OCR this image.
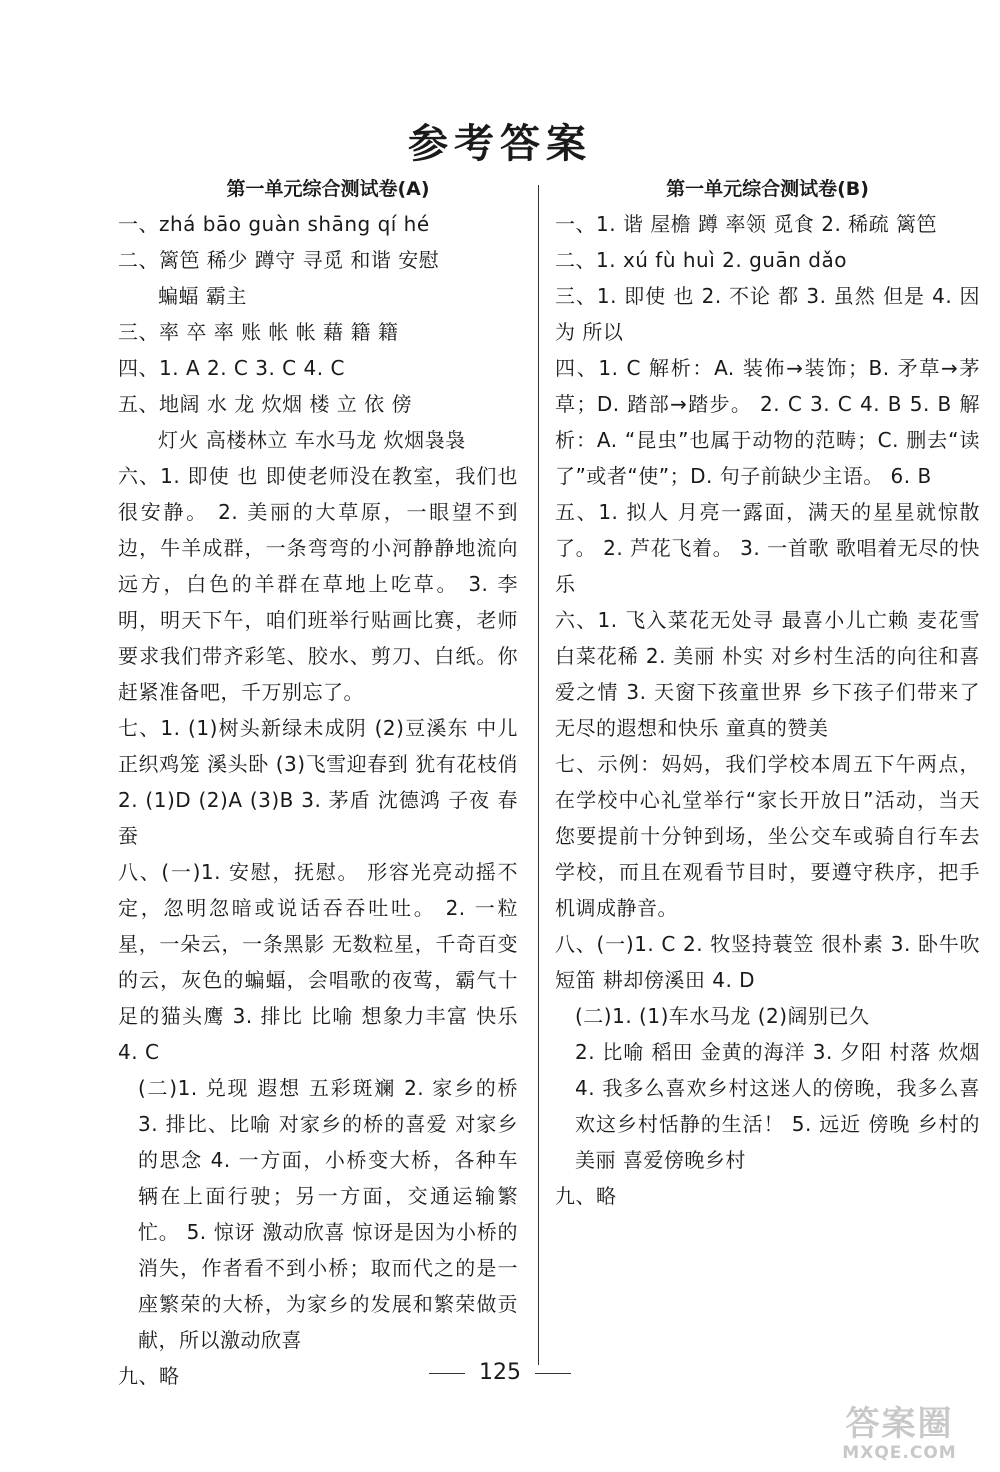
参考答案
第一单元综合测试卷(A)
一、zhá bāo guàn shāng qí hé
二、篱笆 稀少 蹲守 寻觅 和谐 安慰
蝙蝠 霸主
三、率 卒 率 账 帐 帐 藉 籍 籍
四、1. A 2. C 3. C 4. C
五、地阔 水 龙 炊烟 楼 立 依 傍
灯火 高楼林立 车水马龙 炊烟袅袅
六、1. 即使 也 即使老师没在教室，我们也很安静。 2. 美丽的大草原，一眼望不到边，牛羊成群，一条弯弯的小河静静地流向远方，白色的羊群在草地上吃草。 3. 李明，明天下午，咱们班举行贴画比赛，老师要求我们带齐彩笔、胶水、剪刀、白纸。你赶紧准备吧，千万别忘了。
七、1. (1)树头新绿未成阴 (2)豆溪东 中儿正织鸡笼 溪头卧 (3)飞雪迎春到 犹有花枝俏 2. (1)D (2)A (3)B 3. 茅盾 沈德鸿 子夜 春蚕
八、(一)1. 安慰，抚慰。 形容光亮动摇不定，忽明忽暗或说话吞吞吐吐。 2. 一粒星，一朵云，一条黑影 无数粒星，千奇百变的云，灰色的蝙蝠，会唱歌的夜莺，霸气十足的猫头鹰 3. 排比 比喻 想象力丰富 快乐 4. C
(二)1. 兑现 遐想 五彩斑斓 2. 家乡的桥 3. 排比、比喻 对家乡的桥的喜爱 对家乡的思念 4. 一方面，小桥变大桥，各种车辆在上面行驶；另一方面，交通运输繁忙。 5. 惊讶 激动欣喜 惊讶是因为小桥的消失，作者看不到小桥；取而代之的是一座繁荣的大桥，为家乡的发展和繁荣做贡献，所以激动欣喜
九、略
第一单元综合测试卷(B)
一、1. 谐 屋檐 蹲 率领 觅食 2. 稀疏 篱笆
二、1. xú fù huì 2. guān dǎo
三、1. 即使 也 2. 不论 都 3. 虽然 但是 4. 因为 所以
四、1. C 解析：A. 装佈→装饰；B. 矛草→茅草；D. 踏部→踏步。 2. C 3. C 4. B 5. B 解析：A. “昆虫”也属于动物的范畴；C. 删去“读了”或者“使”；D. 句子前缺少主语。 6. B
五、1. 拟人 月亮一露面，满天的星星就惊散了。 2. 芦花飞着。 3. 一首歌 歌唱着无尽的快乐
六、1. 飞入菜花无处寻 最喜小儿亡赖 麦花雪白菜花稀 2. 美丽 朴实 对乡村生活的向往和喜爱之情 3. 天窗下孩童世界 乡下孩子们带来了无尽的遐想和快乐 童真的赞美
七、示例：妈妈，我们学校本周五下午两点，在学校中心礼堂举行“家长开放日”活动，当天您要提前十分钟到场，坐公交车或骑自行车去学校，而且在观看节目时，要遵守秩序，把手机调成静音。
八、(一)1. C 2. 牧竖持蓑笠 很朴素 3. 卧牛吹短笛 耕却傍溪田 4. D
(二)1. (1)车水马龙 (2)阔别已久
2. 比喻 稻田 金黄的海洋 3. 夕阳 村落 炊烟 4. 我多么喜欢乡村这迷人的傍晚，我多么喜欢这乡村恬静的生活！ 5. 远近 傍晚 乡村的美丽 喜爱傍晚乡村
九、略
125
答案圈
MXQE.COM
